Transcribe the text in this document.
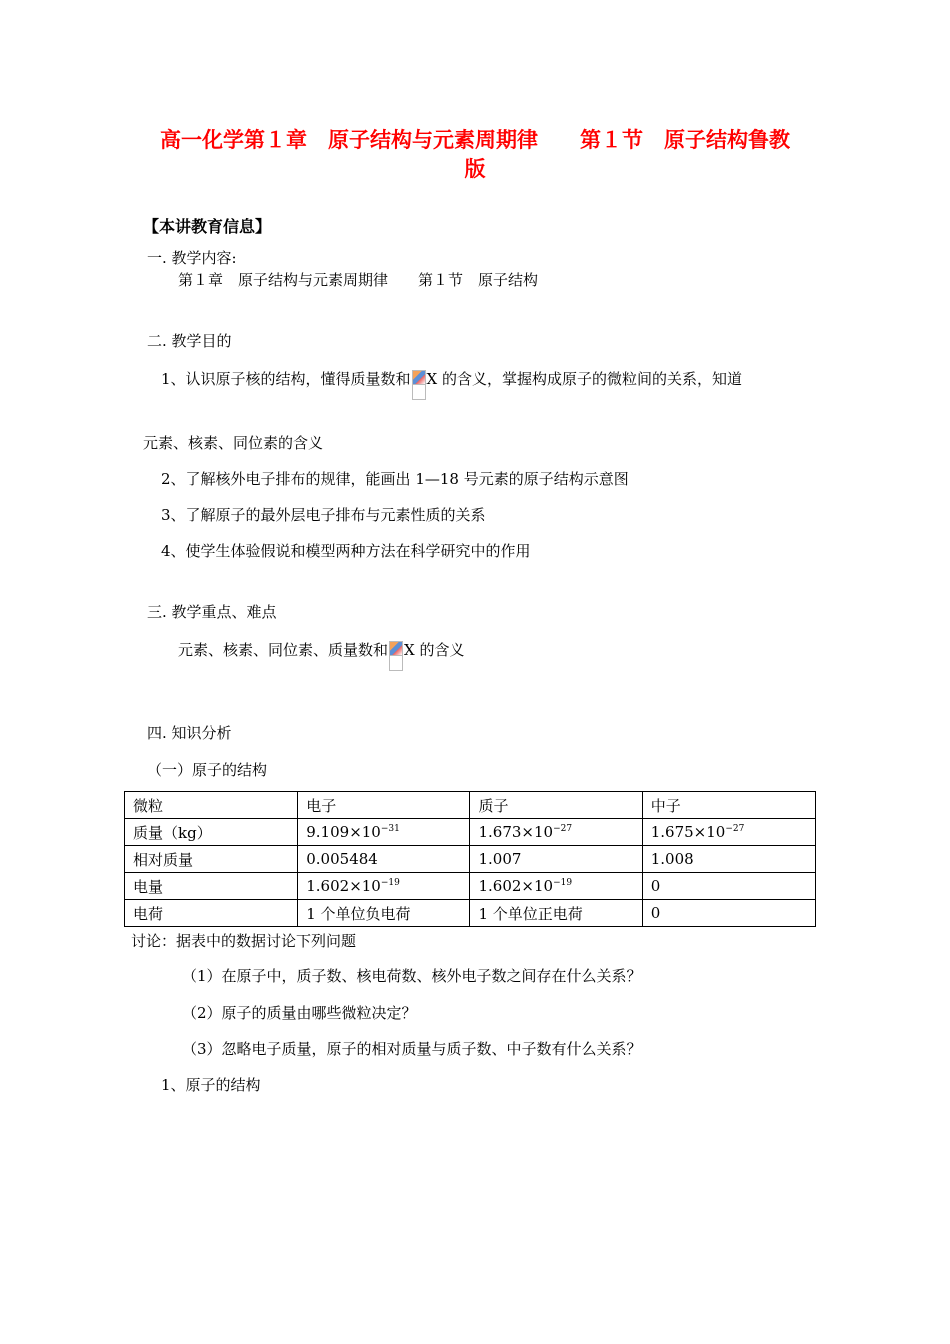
高一化学第１章　原子结构与元素周期律　　第１节　原子结构鲁教
版
【本讲教育信息】
一. 教学内容:
第１章　原子结构与元素周期律　　第１节　原子结构
二. 教学目的
1、认识原子核的结构，懂得质量数和 X 的含义，掌握构成原子的微粒间的关系，知道
元素、核素、同位素的含义
2、了解核外电子排布的规律，能画出 1—18 号元素的原子结构示意图
3、了解原子的最外层电子排布与元素性质的关系
4、使学生体验假说和模型两种方法在科学研究中的作用
三. 教学重点、难点
元素、核素、同位素、质量数和 X 的含义
四. 知识分析
（一）原子的结构
微粒	电子	质子	中子
质量（kg）	$9.109\times 10^{-31}$	$1.673\times 10^{-27}$	$1.675\times 10^{-27}$
相对质量	0.005484	1.007	1.008
电量	$1.602\times 10^{-19}$	$1.602\times 10^{-19}$	0
电荷	1 个单位负电荷	1 个单位正电荷	0
讨论：据表中的数据讨论下列问题
（1）在原子中，质子数、核电荷数、核外电子数之间存在什么关系？
（2）原子的质量由哪些微粒决定？
（3）忽略电子质量，原子的相对质量与质子数、中子数有什么关系？
1、原子的结构
